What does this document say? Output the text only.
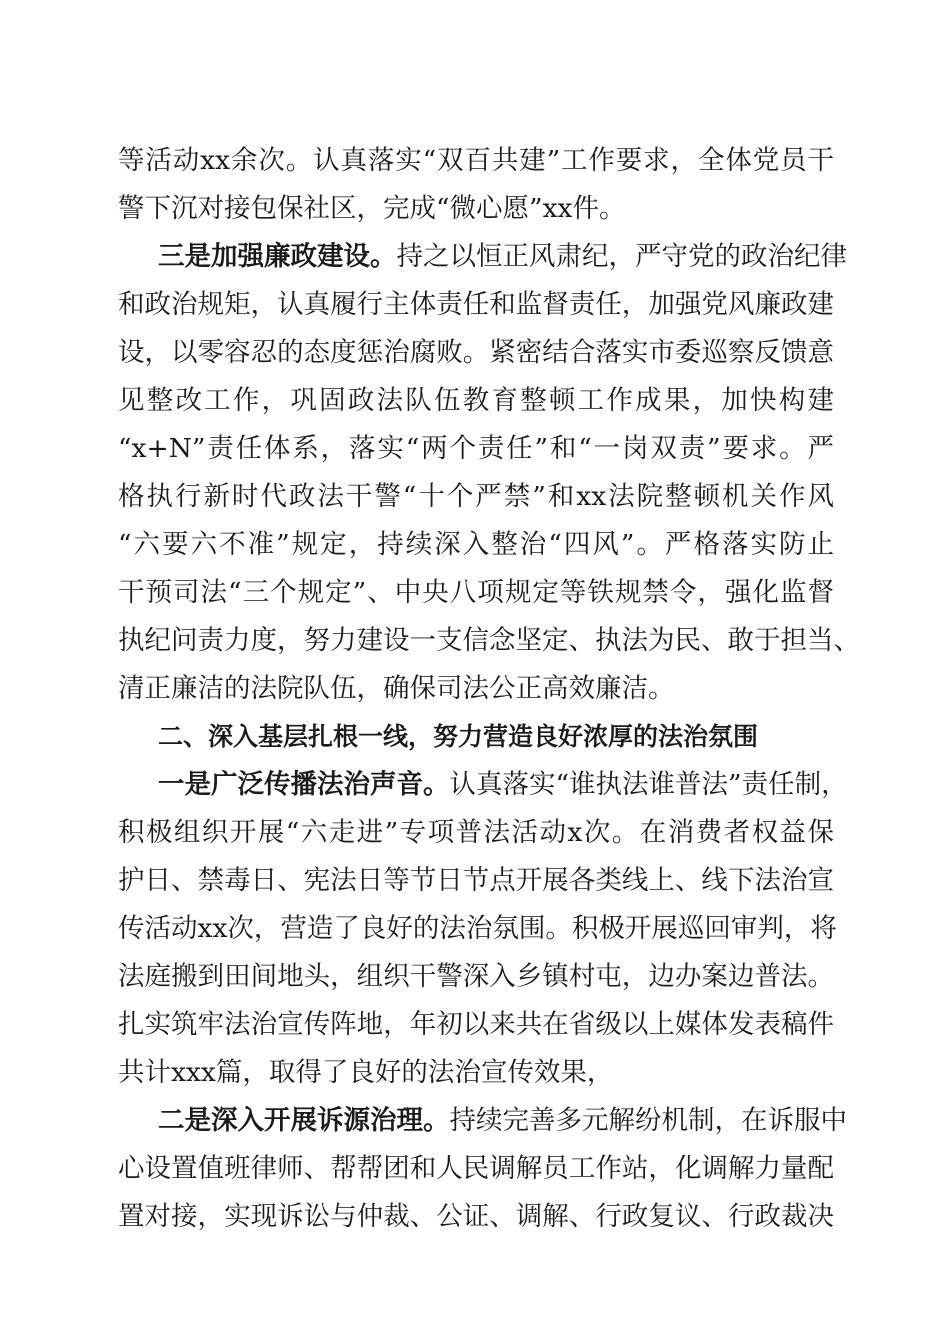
等活动xx余次。认真落实“双百共建”工作要求，全体党员干
警下沉对接包保社区，完成“微心愿”xx件。
三是加强廉政建设。持之以恒正风肃纪，严守党的政治纪律
和政治规矩，认真履行主体责任和监督责任，加强党风廉政建
设，以零容忍的态度惩治腐败。紧密结合落实市委巡察反馈意
见整改工作，巩固政法队伍教育整顿工作成果，加快构建
“x+N”责任体系，落实“两个责任”和“一岗双责”要求。严
格执行新时代政法干警“十个严禁”和xx法院整顿机关作风
“六要六不准”规定，持续深入整治“四风”。严格落实防止
干预司法“三个规定”、中央八项规定等铁规禁令，强化监督
执纪问责力度，努力建设一支信念坚定、执法为民、敢于担当、
清正廉洁的法院队伍，确保司法公正高效廉洁。
二、深入基层扎根一线，努力营造良好浓厚的法治氛围
一是广泛传播法治声音。认真落实“谁执法谁普法”责任制，
积极组织开展“六走进”专项普法活动x次。在消费者权益保
护日、禁毒日、宪法日等节日节点开展各类线上、线下法治宣
传活动xx次，营造了良好的法治氛围。积极开展巡回审判，将
法庭搬到田间地头，组织干警深入乡镇村屯，边办案边普法。
扎实筑牢法治宣传阵地，年初以来共在省级以上媒体发表稿件
共计xxx篇，取得了良好的法治宣传效果，
二是深入开展诉源治理。持续完善多元解纷机制，在诉服中
心设置值班律师、帮帮团和人民调解员工作站，化调解力量配
置对接，实现诉讼与仲裁、公证、调解、行政复议、行政裁决
